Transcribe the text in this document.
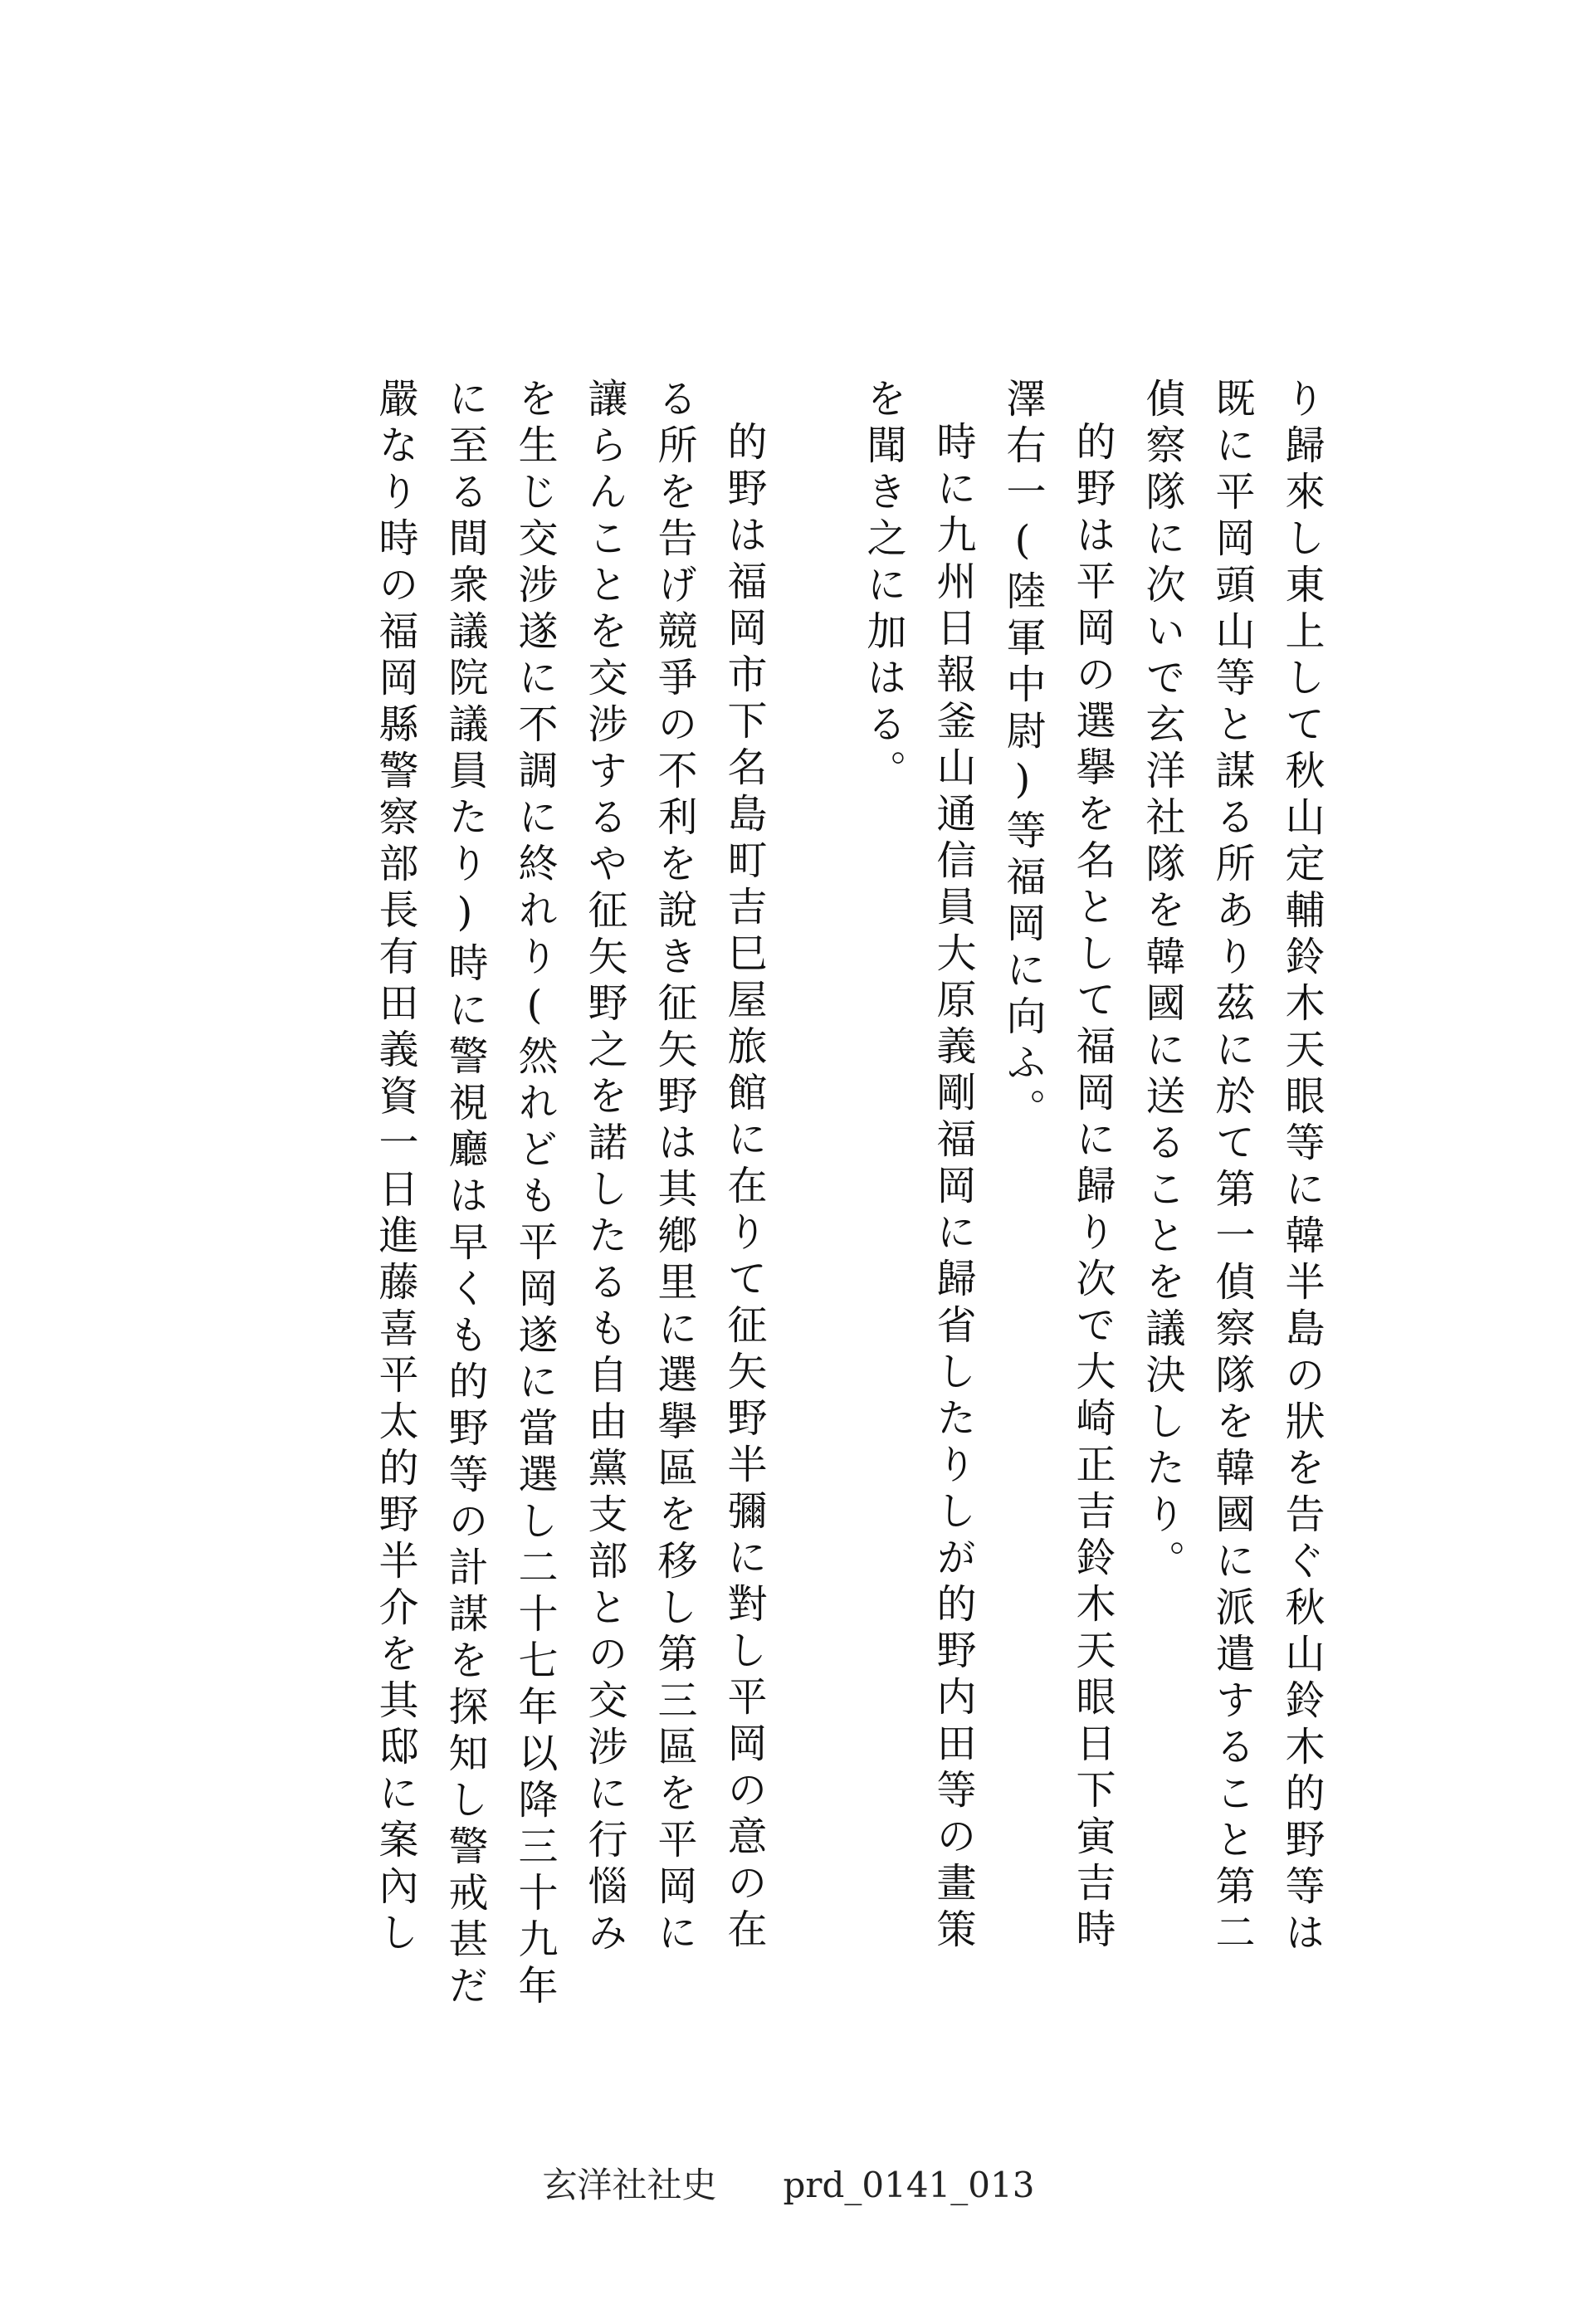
り歸來し東上して秋山定輔鈴木天眼等に韓半島の狀を告ぐ秋山鈴木的野等は
既に平岡頭山等と謀る所あり茲に於て第一偵察隊を韓國に派遣すること第二
偵察隊に次いで玄洋社隊を韓國に送ることを議決したり。
的野は平岡の選擧を名として福岡に歸り次で大崎正吉鈴木天眼日下寅吉時
澤右一(陸軍中尉)等福岡に向ふ。
時に九州日報釜山通信員大原義剛福岡に歸省したりしが的野内田等の畫策
を聞き之に加はる。
的野は福岡市下名島町吉巳屋旅館に在りて征矢野半彌に對し平岡の意の在
る所を告げ競爭の不利を說き征矢野は其鄕里に選擧區を移し第三區を平岡に
讓らんことを交涉するや征矢野之を諾したるも自由黨支部との交涉に行惱み
を生じ交涉遂に不調に終れり(然れども平岡遂に當選し二十七年以降三十九年
に至る間衆議院議員たり)時に警視廳は早くも的野等の計謀を探知し警戒甚だ
嚴なり時の福岡縣警察部長有田義資一日進藤喜平太的野半介を其邸に案內し
玄洋社社史 prd_0141_013
